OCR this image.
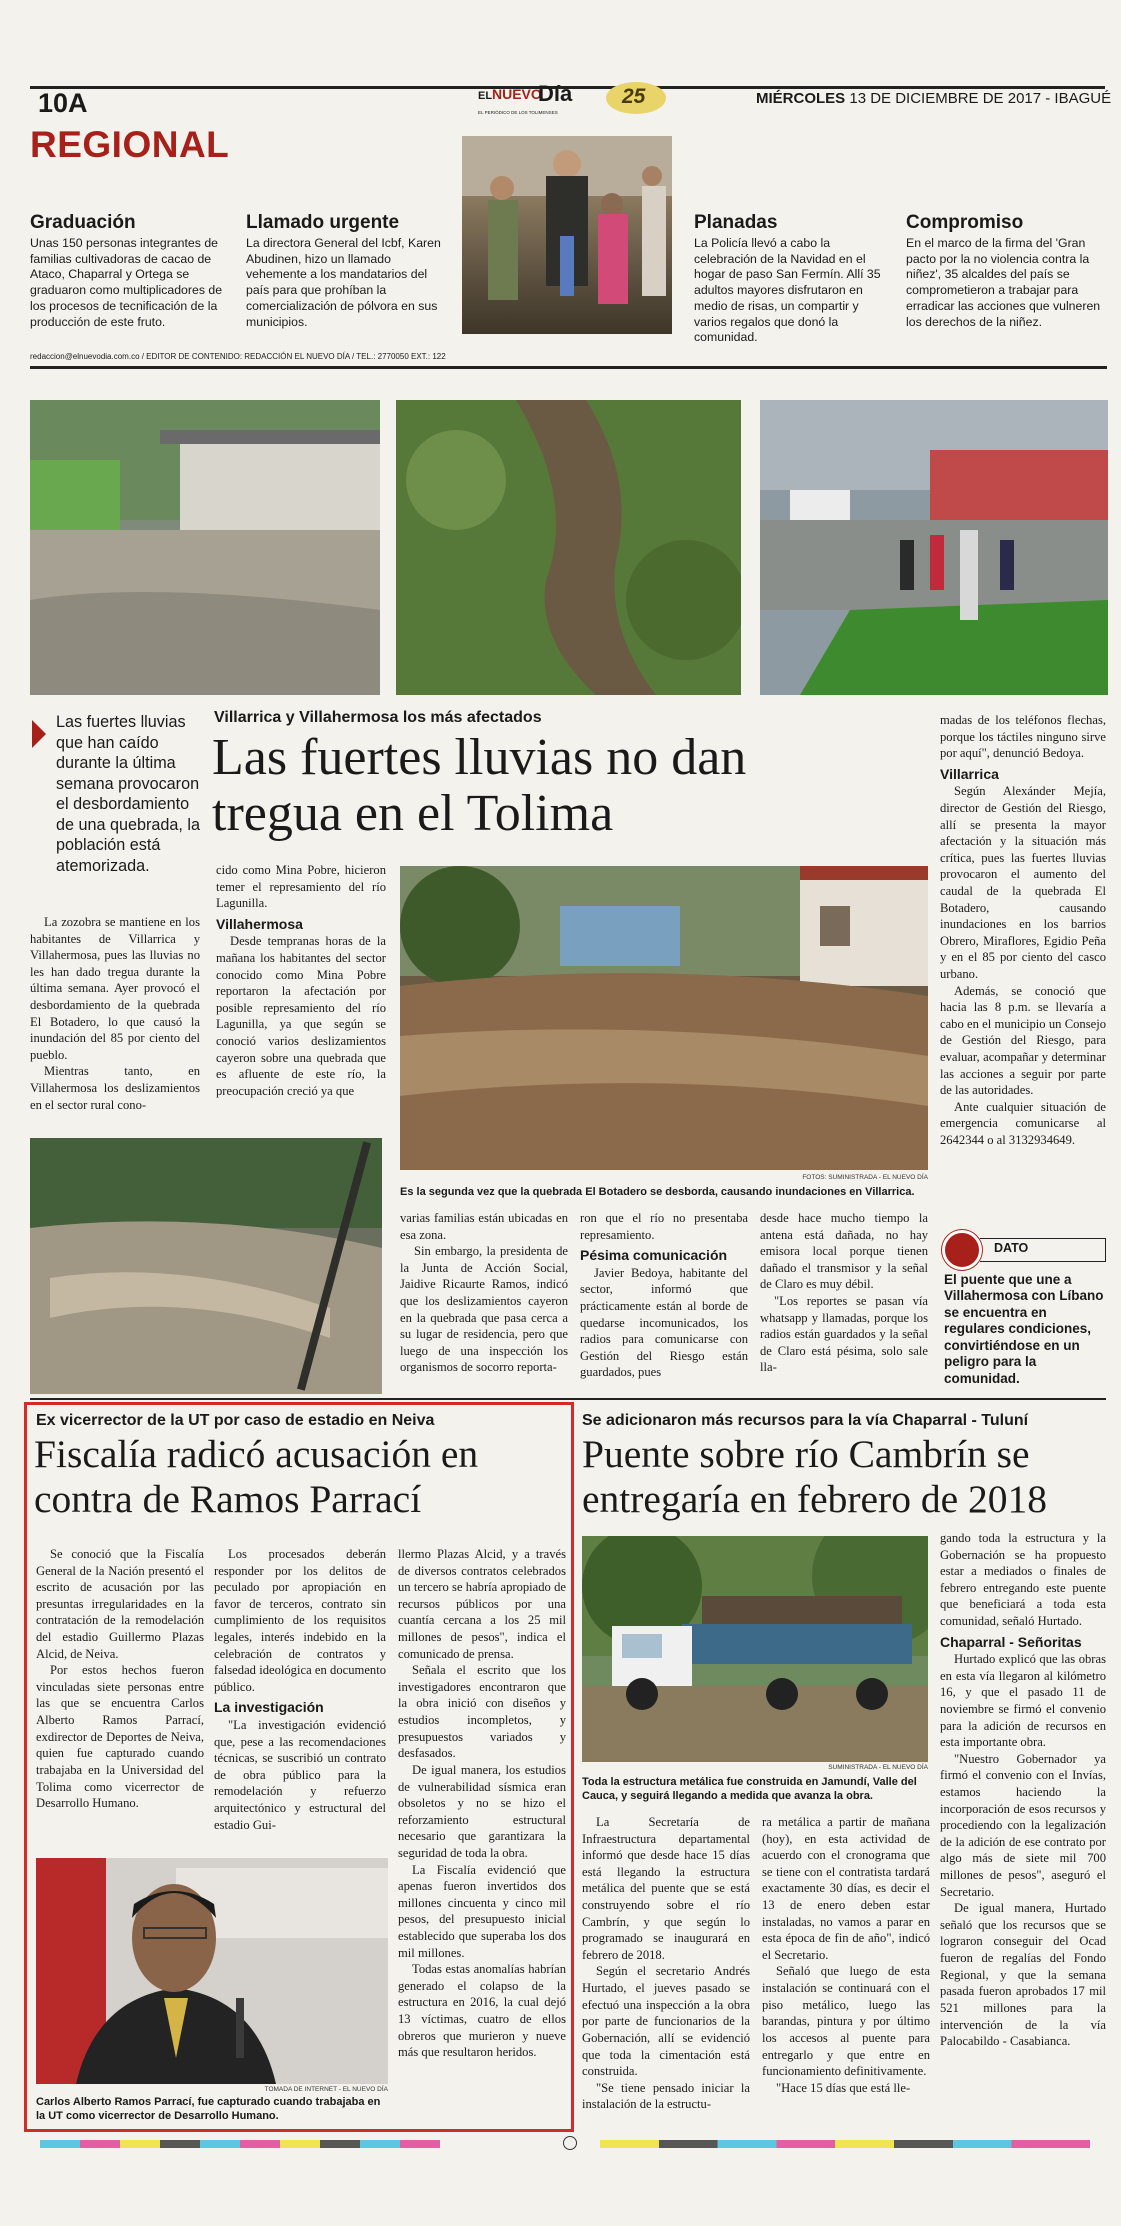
10A	EL NUEVO
Día
EL PERIÓDICO DE LOS TOLIMENSES
25	MIÉRCOLES 13 DE DICIEMBRE DE 2017 - IBAGUÉ
REGIONAL
Graduación
Unas 150 personas integrantes de familias cultivadoras de cacao de Ataco, Chaparral y Ortega se graduaron como multiplicadores de los procesos de tecnificación de la producción de este fruto.
Llamado urgente
La directora General del Icbf, Karen Abudinen, hizo un llamado vehemente a los mandatarios del país para que prohíban la comercialización de pólvora en sus municipios.
Planadas
La Policía llevó a cabo la celebración de la Navidad en el hogar de paso San Fermín. Allí 35 adultos mayores disfrutaron en medio de risas, un compartir y varios regalos que donó la comunidad.
Compromiso
En el marco de la firma del 'Gran pacto por la no violencia contra la niñez', 35 alcaldes del país se comprometieron a trabajar para erradicar las acciones que vulneren los derechos de la niñez.
redaccion@elnuevodia.com.co / EDITOR DE CONTENIDO: REDACCIÓN EL NUEVO DÍA / TEL.: 2770050 EXT.: 122
Las fuertes lluvias que han caído durante la última semana provocaron el desbordamiento de una quebrada, la población está atemorizada.
Villarrica y Villahermosa los más afectados
Las fuertes lluvias no dan tregua en el Tolima

La zozobra se mantiene en los habitantes de Villarrica y Villahermosa, pues las lluvias no les han dado tregua durante la última semana. Ayer provocó el desbordamiento de la quebrada El Botadero, lo que causó la inundación del 85 por ciento del pueblo.

Mientras tanto, en Villahermosa los deslizamientos en el sector rural cono-

cido como Mina Pobre, hicieron temer el represamiento del río Lagunilla.

Villahermosa

Desde tempranas horas de la mañana los habitantes del sector conocido como Mina Pobre reportaron la afectación por posible represamiento del río Lagunilla, ya que según se conoció varios deslizamientos cayeron sobre una quebrada que es afluente de este río, la preocupación creció ya que

FOTOS: SUMINISTRADA - EL NUEVO DÍA
Es la segunda vez que la quebrada El Botadero se desborda, causando inundaciones en Villarrica.

varias familias están ubicadas en esa zona.

Sin embargo, la presidenta de la Junta de Acción Social, Jaidive Ricaurte Ramos, indicó que los deslizamientos cayeron en la quebrada que pasa cerca a su lugar de residencia, pero que luego de una inspección los organismos de socorro reporta-

ron que el río no presentaba represamiento.

Pésima comunicación

Javier Bedoya, habitante del sector, informó que prácticamente están al borde de quedarse incomunicados, los radios para comunicarse con Gestión del Riesgo están guardados, pues

desde hace mucho tiempo la antena está dañada, no hay emisora local porque tienen dañado el transmisor y la señal de Claro es muy débil.

"Los reportes se pasan vía whatsapp y llamadas, porque los radios están guardados y la señal de Claro está pésima, solo sale lla-

madas de los teléfonos flechas, porque los táctiles ninguno sirve por aquí", denunció Bedoya.

Villarrica

Según Alexánder Mejía, director de Gestión del Riesgo, allí se presenta la mayor afectación y la situación más crítica, pues las fuertes lluvias provocaron el aumento del caudal de la quebrada El Botadero, causando inundaciones en los barrios Obrero, Miraflores, Egidio Peña y en el 85 por ciento del casco urbano.

Además, se conoció que hacia las 8 p.m. se llevaría a cabo en el municipio un Consejo de Gestión del Riesgo, para evaluar, acompañar y determinar las acciones a seguir por parte de las autoridades.

Ante cualquier situación de emergencia comunicarse al 2642344 o al 3132934649.

DATO
El puente que une a Villahermosa con Líbano se encuentra en regulares condiciones, convirtiéndose en un peligro para la comunidad.
Ex vicerrector de la UT por caso de estadio en Neiva
Fiscalía radicó acusación en contra de Ramos Parrací

Se conoció que la Fiscalía General de la Nación presentó el escrito de acusación por las presuntas irregularidades en la contratación de la remodelación del estadio Guillermo Plazas Alcid, de Neiva.

Por estos hechos fueron vinculadas siete personas entre las que se encuentra Carlos Alberto Ramos Parrací, exdirector de Deportes de Neiva, quien fue capturado cuando trabajaba en la Universidad del Tolima como vicerrector de Desarrollo Humano.

Los procesados deberán responder por los delitos de peculado por apropiación en favor de terceros, contrato sin cumplimiento de los requisitos legales, interés indebido en la celebración de contratos y falsedad ideológica en documento público.

La investigación

"La investigación evidenció que, pese a las recomendaciones técnicas, se suscribió un contrato de obra público para la remodelación y refuerzo arquitectónico y estructural del estadio Gui-

llermo Plazas Alcid, y a través de diversos contratos celebrados un tercero se habría apropiado de recursos públicos por una cuantía cercana a los 25 mil millones de pesos", indica el comunicado de prensa.

Señala el escrito que los investigadores encontraron que la obra inició con diseños y estudios incompletos, y presupuestos variados y desfasados.

De igual manera, los estudios de vulnerabilidad sísmica eran obsoletos y no se hizo el reforzamiento estructural necesario que garantizara la seguridad de toda la obra.

La Fiscalía evidenció que apenas fueron invertidos dos millones cincuenta y cinco mil pesos, del presupuesto inicial establecido que superaba los dos mil millones.

Todas estas anomalías habrían generado el colapso de la estructura en 2016, la cual dejó 13 víctimas, cuatro de ellos obreros que murieron y nueve más que resultaron heridos.

TOMADA DE INTERNET - EL NUEVO DÍA
Carlos Alberto Ramos Parrací, fue capturado cuando trabajaba en la UT como vicerrector de Desarrollo Humano.
Se adicionaron más recursos para la vía Chaparral - Tuluní
Puente sobre río Cambrín se entregaría en febrero de 2018
SUMINISTRADA - EL NUEVO DÍA
Toda la estructura metálica fue construida en Jamundí, Valle del Cauca, y seguirá llegando a medida que avanza la obra.

La Secretaría de Infraestructura departamental informó que desde hace 15 días está llegando la estructura metálica del puente que se está construyendo sobre el río Cambrín, y que según lo programado se inaugurará en febrero de 2018.

Según el secretario Andrés Hurtado, el jueves pasado se efectuó una inspección a la obra por parte de funcionarios de la Gobernación, allí se evidenció que toda la cimentación está construida.

"Se tiene pensado iniciar la instalación de la estructu-

ra metálica a partir de mañana (hoy), en esta actividad de acuerdo con el cronograma que se tiene con el contratista tardará exactamente 30 días, es decir el 13 de enero deben estar instaladas, no vamos a parar en esta época de fin de año", indicó el Secretario.

Señaló que luego de esta instalación se continuará con el piso metálico, luego las barandas, pintura y por último los accesos al puente para entregarlo y que entre en funcionamiento definitivamente.

"Hace 15 días que está lle-

gando toda la estructura y la Gobernación se ha propuesto estar a mediados o finales de febrero entregando este puente que beneficiará a toda esta comunidad, señaló Hurtado.

Chaparral - Señoritas

Hurtado explicó que las obras en esta vía llegaron al kilómetro 16, y que el pasado 11 de noviembre se firmó el convenio para la adición de recursos en esta importante obra.

"Nuestro Gobernador ya firmó el convenio con el Invías, estamos haciendo la incorporación de esos recursos y procediendo con la legalización de la adición de ese contrato por algo más de siete mil 700 millones de pesos", aseguró el Secretario.

De igual manera, Hurtado señaló que los recursos que se lograron conseguir del Ocad fueron de regalías del Fondo Regional, y que la semana pasada fueron aprobados 17 mil 521 millones para la intervención de la vía Palocabildo - Casabianca.
